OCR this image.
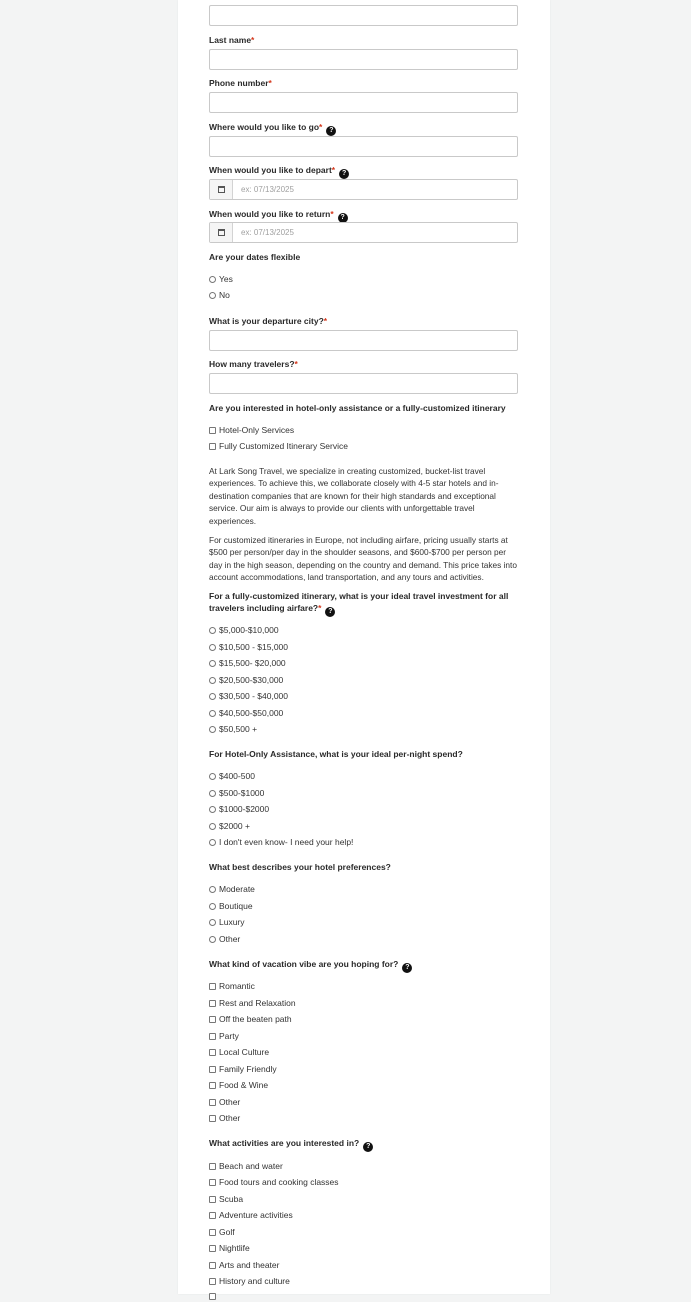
Last name*
Phone number*
Where would you like to go* ?
When would you like to depart* ?
ex: 07/13/2025
When would you like to return* ?
ex: 07/13/2025
Are your dates flexible
Yes
No
What is your departure city?*
How many travelers?*
Are you interested in hotel-only assistance or a fully-customized itinerary
Hotel-Only Services
Fully Customized Itinerary Service
At Lark Song Travel, we specialize in creating customized, bucket-list travel experiences. To achieve this, we collaborate closely with 4-5 star hotels and in-destination companies that are known for their high standards and exceptional service. Our aim is always to provide our clients with unforgettable travel experiences.
For customized itineraries in Europe, not including airfare, pricing usually starts at $500 per person/per day in the shoulder seasons, and $600-$700 per person per day in the high season, depending on the country and demand. This price takes into account accommodations, land transportation, and any tours and activities.
For a fully-customized itinerary, what is your ideal travel investment for all
travelers including airfare?* ?
$5,000-$10,000
$10,500 - $15,000
$15,500- $20,000
$20,500-$30,000
$30,500 - $40,000
$40,500-$50,000
$50,500 +
For Hotel-Only Assistance, what is your ideal per-night spend?
$400-500
$500-$1000
$1000-$2000
$2000 +
I don't even know- I need your help!
What best describes your hotel preferences?
Moderate
Boutique
Luxury
Other
What kind of vacation vibe are you hoping for? ?
Romantic
Rest and Relaxation
Off the beaten path
Party
Local Culture
Family Friendly
Food & Wine
Other
Other
What activities are you interested in? ?
Beach and water
Food tours and cooking classes
Scuba
Adventure activities
Golf
Nightlife
Arts and theater
History and culture
